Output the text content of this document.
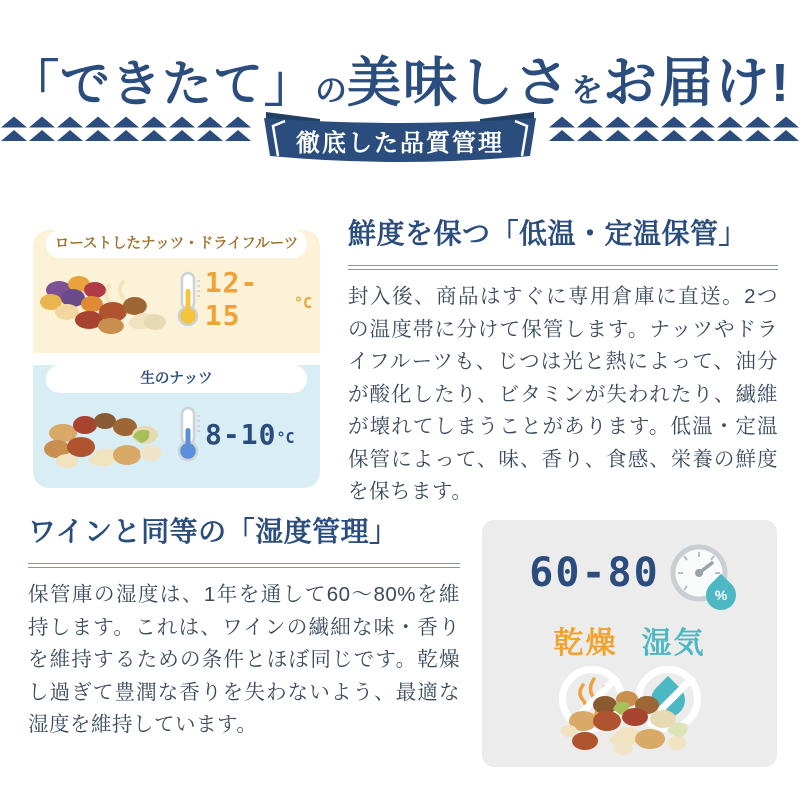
「できたて」の美味しさをお届け!
徹底した品質管理
ローストしたナッツ・ドライフルーツ
12-15	°C
生のナッツ
8-10 °C
鮮度を保つ「低温・定温保管」

封入後、商品はすぐに専用倉庫に直送。2つの温度帯に分けて保管します。ナッツやドライフルーツも、じつは光と熱によって、油分が酸化したり、ビタミンが失われたり、繊維が壊れてしまうことがあります。低温・定温保管によって、味、香り、食感、栄養の鮮度を保ちます。

ワインと同等の「湿度管理」

保管庫の湿度は、1年を通して60〜80%を維持します。これは、ワインの繊細な味・香りを維持するための条件とほぼ同じです。乾燥し過ぎて豊潤な香りを失わないよう、最適な湿度を維持しています。

60-80	%
乾燥 湿気
